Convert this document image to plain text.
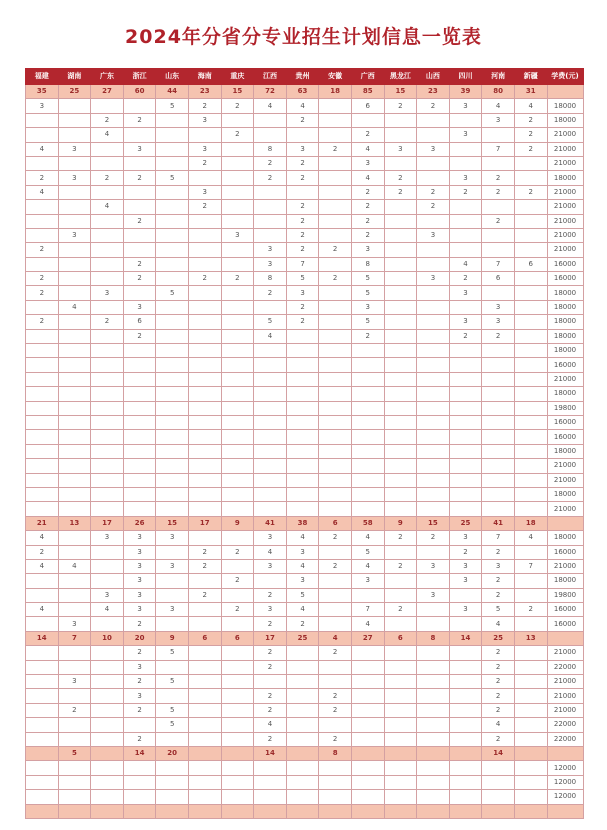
2024年分省分专业招生计划信息一览表
福建	湖南	广东	浙江	山东	海南	重庆	江西	贵州	安徽	广西	黑龙江	山西	四川	河南	新疆	学费(元)
35	25	27	60	44	23	15	72	63	18	85	15	23	39	80	31	
3				5	2	2	4	4		6	2	2	3	4	4	18000
		2	2		3			2						3	2	18000
		4				2				2			3		2	21000
4	3		3		3		8	3	2	4	3	3		7	2	21000
					2		2	2		3						21000
2	3	2	2	5			2	2		4	2		3	2		18000
4					3					2	2	2	2	2	2	21000
		4			2			2		2		2				21000
			2					2		2				2		21000
	3					3		2		2		3				21000
2							3	2	2	3						21000
			2				3	7		8			4	7	6	16000
2			2		2	2	8	5	2	5		3	2	6		16000
2		3		5			2	3		5			3			18000
	4		3					2		3				3		18000
2		2	6				5	2		5			3	3		18000
			2				4			2			2	2		18000
																18000
																16000
																21000
																18000
																19800
																16000
																16000
																18000
																21000
																21000
																18000
																21000
21	13	17	26	15	17	9	41	38	6	58	9	15	25	41	18	
4		3	3	3			3	4	2	4	2	2	3	7	4	18000
2			3		2	2	4	3		5			2	2		16000
4	4		3	3	2		3	4	2	4	2	3	3	3	7	21000
			3			2		3		3			3	2		18000
		3	3		2		2	5				3		2		19800
4		4	3	3		2	3	4		7	2		3	5	2	16000
	3		2				2	2		4				4		16000
14	7	10	20	9	6	6	17	25	4	27	6	8	14	25	13	
			2	5			2		2					2		21000
			3				2							2		22000
	3		2	5										2		21000
			3				2		2					2		21000
	2		2	5			2		2					2		21000
				5			4							4		22000
			2				2		2					2		22000
	5		14	20			14		8					14		
																12000
																12000
																12000
